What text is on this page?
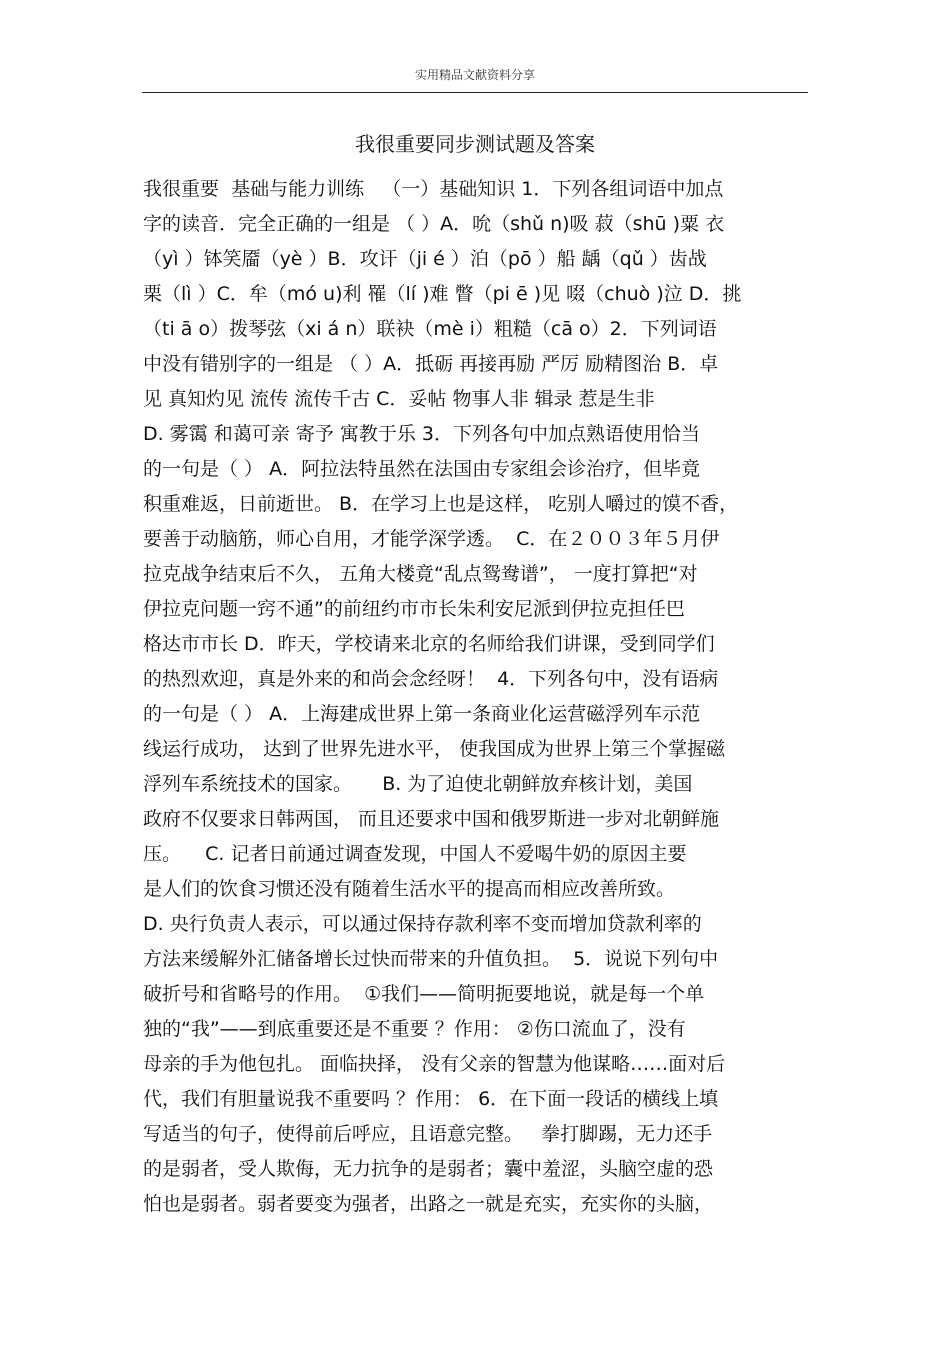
实用精品文献资料分享
我很重要同步测试题及答案
我很重要  基础与能力训练   （一）基础知识 1．下列各组词语中加点
字的读音．完全正确的一组是 （ ）A．吮（shǔ n)吸 菽（shū )粟 衣
（yì ）钵笑靥（yè ）B．攻讦（ji é ）泊（pō ）船 龋（qǔ ）齿战
栗（lì ）C．牟（mó u)利 罹（lí )难 瞥（pi ē )见 啜（chuò )泣 D．挑
（ti ā o）拨琴弦（xi á n）联袂（mè i）粗糙（cā o）2．下列词语
中没有错别字的一组是 （ ）A．抵砺 再接再励 严厉 励精图治 B．卓
见 真知灼见 流传 流传千古 C．妥帖 物事人非 辑录 惹是生非
D. 雾霭 和蔼可亲 寄予 寓教于乐 3．下列各句中加点熟语使用恰当
的一句是（ ） A．阿拉法特虽然在法国由专家组会诊治疗，但毕竟
积重难返，日前逝世。 B．在学习上也是这样， 吃别人嚼过的馍不香，
要善于动脑筋，师心自用，才能学深学透。  C．在２００３年５月伊
拉克战争结束后不久， 五角大楼竟“乱点鸳鸯谱”， 一度打算把“对
伊拉克问题一窍不通”的前纽约市市长朱利安尼派到伊拉克担任巴
格达市市长 D．昨天，学校请来北京的名师给我们讲课，受到同学们
的热烈欢迎，真是外来的和尚会念经呀！  4．下列各句中，没有语病
的一句是（ ） A．上海建成世界上第一条商业化运营磁浮列车示范
线运行成功， 达到了世界先进水平， 使我国成为世界上第三个掌握磁
浮列车系统技术的国家。     B. 为了迫使北朝鲜放弃核计划，美国
政府不仅要求日韩两国， 而且还要求中国和俄罗斯进一步对北朝鲜施
压。    C. 记者日前通过调查发现，中国人不爱喝牛奶的原因主要
是人们的饮食习惯还没有随着生活水平的提高而相应改善所致。
D. 央行负责人表示，可以通过保持存款利率不变而增加贷款利率的
方法来缓解外汇储备增长过快而带来的升值负担。  5．说说下列句中
破折号和省略号的作用。  ①我们——简明扼要地说，就是每一个单
独的“我”——到底重要还是不重要 ？作用： ②伤口流血了，没有
母亲的手为他包扎。 面临抉择， 没有父亲的智慧为他谋略……面对后
代，我们有胆量说我不重要吗 ？作用： 6．在下面一段话的横线上填
写适当的句子，使得前后呼应，且语意完整。   拳打脚踢，无力还手
的是弱者，受人欺侮，无力抗争的是弱者；囊中羞涩，头脑空虚的恐
怕也是弱者。弱者要变为强者，出路之一就是充实，充实你的头脑，
